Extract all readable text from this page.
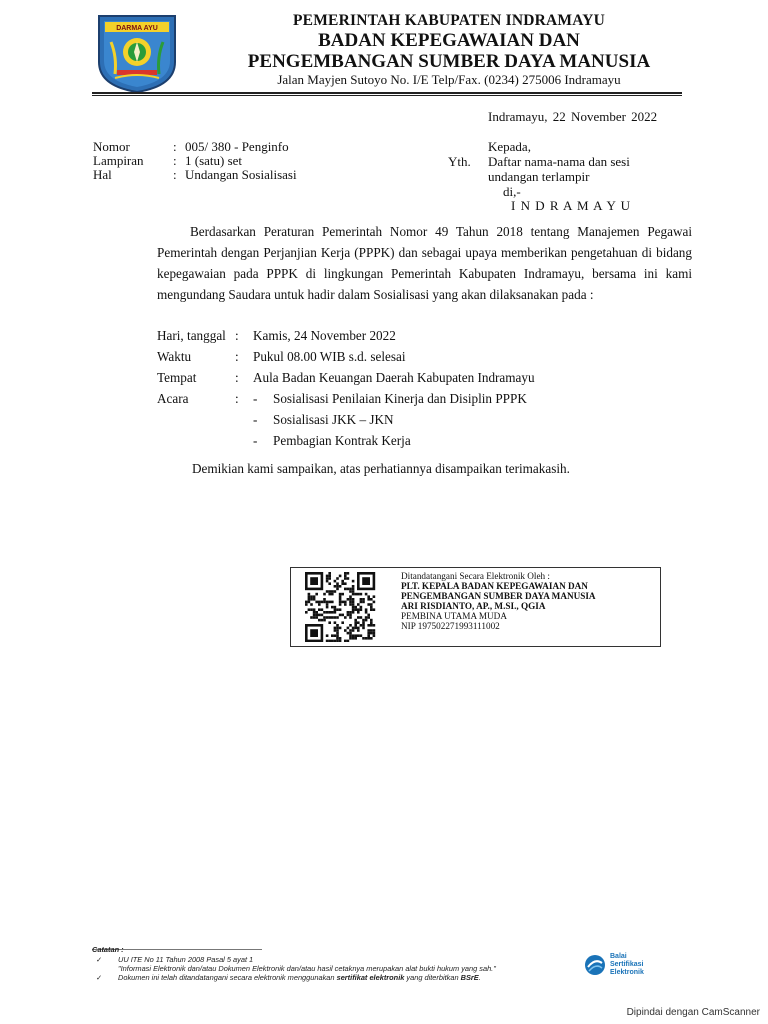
DARMA AYU	PEMERINTAH KABUPATEN INDRAMAYU
BADAN KEPEGAWAIAN DAN
PENGEMBANGAN SUMBER DAYA MANUSIA
Jalan Mayjen Sutoyo No. I/E Telp/Fax. (0234) 275006 Indramayu
Indramayu, 22 November 2022
Nomor	: 005/ 380 - Penginfo
Lampiran : 1 (satu) set
Hal	: Undangan Sosialisasi
Kepada,
Yth. Daftar nama-nama dan sesi
undangan terlampir
di,-
I N D R A M A Y U

Berdasarkan Peraturan Pemerintah Nomor 49 Tahun 2018 tentang Manajemen Pegawai Pemerintah dengan Perjanjian Kerja (PPPK) dan sebagai upaya memberikan pengetahuan di bidang kepegawaian pada PPPK di lingkungan Pemerintah Kabupaten Indramayu, bersama ini kami mengundang Saudara untuk hadir dalam Sosialisasi yang akan dilaksanakan pada :

Hari, tanggal : Kamis, 24 November 2022
Waktu	: Pukul 08.00 WIB s.d. selesai
Tempat	: Aula Badan Keuangan Daerah Kabupaten Indramayu
Acara	: - Sosialisasi Penilaian Kinerja dan Disiplin PPPK
- Sosialisasi JKK – JKN
- Pembagian Kontrak Kerja
Demikian kami sampaikan, atas perhatiannya disampaikan terimakasih.
Ditandatangani Secara Elektronik Oleh :
PLT. KEPALA BADAN KEPEGAWAIAN DAN
PENGEMBANGAN SUMBER DAYA MANUSIA
ARI RISDIANTO, AP., M.SI., QGIA
PEMBINA UTAMA MUDA
NIP 197502271993111002
Catatan :
✓ UU ITE No 11 Tahun 2008 Pasal 5 ayat 1
"Informasi Elektronik dan/atau Dokumen Elektronik dan/atau hasil cetaknya merupakan alat bukti hukum yang sah."
✓ Dokumen ini telah ditandatangani secara elektronik menggunakan sertifikat elektronik yang diterbitkan BSrE.
Balai
Sertifikasi
Elektronik
Dipindai dengan CamScanner
